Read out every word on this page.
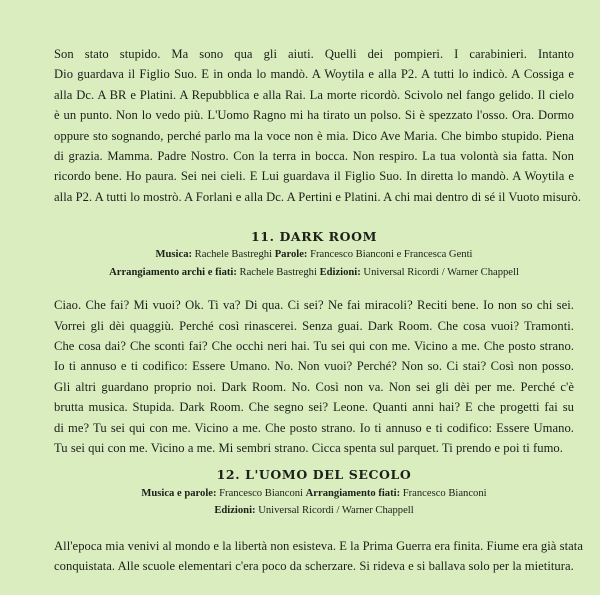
Son stato stupido. Ma sono qua gli aiuti. Quelli dei pompieri. I carabinieri. Intanto
Dio guardava il Figlio Suo. E in onda lo mandò. A Woytila e alla P2. A tutti lo indicò. A Cossiga e
alla Dc. A BR e Platini. A Repubblica e alla Rai. La morte ricordò. Scivolo nel fango gelido. Il cielo
è un punto. Non lo vedo più. L'Uomo Ragno mi ha tirato un polso. Si è spezzato l'osso. Ora. Dormo
oppure sto sognando, perché parlo ma la voce non è mia. Dico Ave Maria. Che bimbo stupido. Piena
di grazia. Mamma. Padre Nostro. Con la terra in bocca. Non respiro. La tua volontà sia fatta. Non
ricordo bene. Ho paura. Sei nei cieli. E Lui guardava il Figlio Suo. In diretta lo mandò. A Woytila e
alla P2. A tutti lo mostrò. A Forlani e alla Dc. A Pertini e Platini. A chi mai dentro di sé il Vuoto misurò.

11. DARK ROOM

Musica: Rachele Bastreghi Parole: Francesco Bianconi e Francesca Genti

Arrangiamento archi e fiati: Rachele Bastreghi Edizioni: Universal Ricordi / Warner Chappell

Ciao. Che fai? Mi vuoi? Ok. Ti va? Di qua. Ci sei? Ne fai miracoli? Reciti bene. Io non so chi sei.
Vorrei gli dèi quaggiù. Perché così rinascerei. Senza guai. Dark Room. Che cosa vuoi? Tramonti.
Che cosa dai? Che sconti fai? Che occhi neri hai. Tu sei qui con me. Vicino a me. Che posto strano.
Io ti annuso e ti codifico: Essere Umano. No. Non vuoi? Perché? Non so. Ci stai? Così non posso.
Gli altri guardano proprio noi. Dark Room. No. Così non va. Non sei gli dèi per me. Perché c'è
brutta musica. Stupida. Dark Room. Che segno sei? Leone. Quanti anni hai? E che progetti fai su
di me? Tu sei qui con me. Vicino a me. Che posto strano. Io ti annuso e ti codifico: Essere Umano.
Tu sei qui con me. Vicino a me. Mi sembri strano. Cicca spenta sul parquet. Ti prendo e poi ti fumo.

12. L'UOMO DEL SECOLO

Musica e parole: Francesco Bianconi Arrangiamento fiati: Francesco Bianconi

Edizioni: Universal Ricordi / Warner Chappell

All'epoca mia venivi al mondo e la libertà non esisteva. E la Prima Guerra era finita. Fiume era già stata
conquistata. Alle scuole elementari c'era poco da scherzare. Si rideva e si ballava solo per la mietitura.
